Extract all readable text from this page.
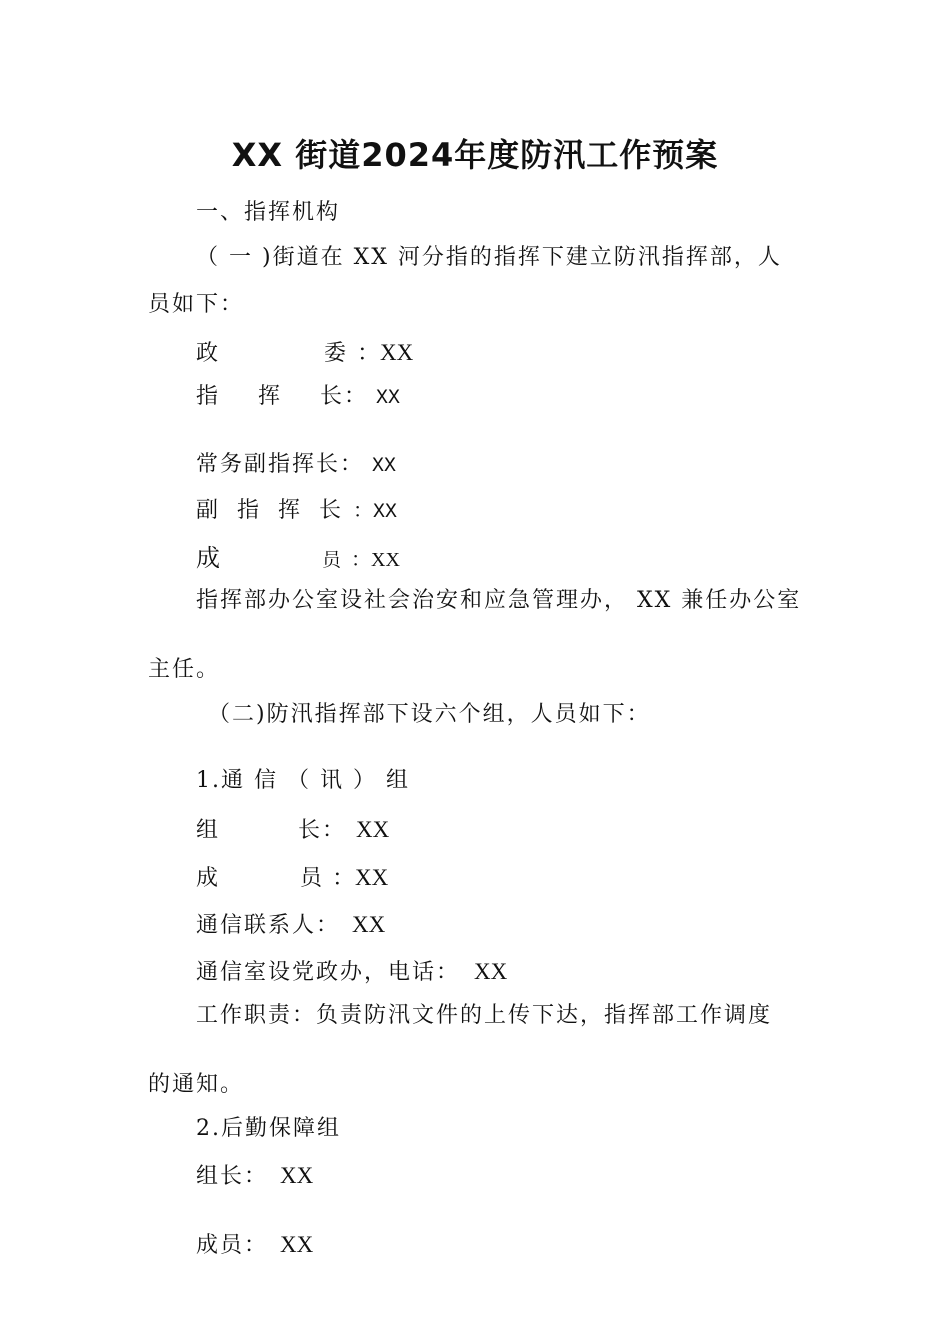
XX 街道2024年度防汛工作预案
一、指挥机构
（ 一 )街道在 XX 河分指的指挥下建立防汛指挥部，人
员如下：
政	委 ：XX
指 挥 长： XX
常务副指挥长： XX
副 指 挥 长 ：XX
成	员 ：XX
指挥部办公室设社会治安和应急管理办， XX 兼任办公室
主任。
（二)防汛指挥部下设六个组，人员如下：
1.通 信 （ 讯 ） 组
组	长： XX
成	员 ：XX
通信联系人： XX
通信室设党政办，电话： XX
工作职责：负责防汛文件的上传下达，指挥部工作调度
的通知。
2.后勤保障组
组长： XX
成员： XX
